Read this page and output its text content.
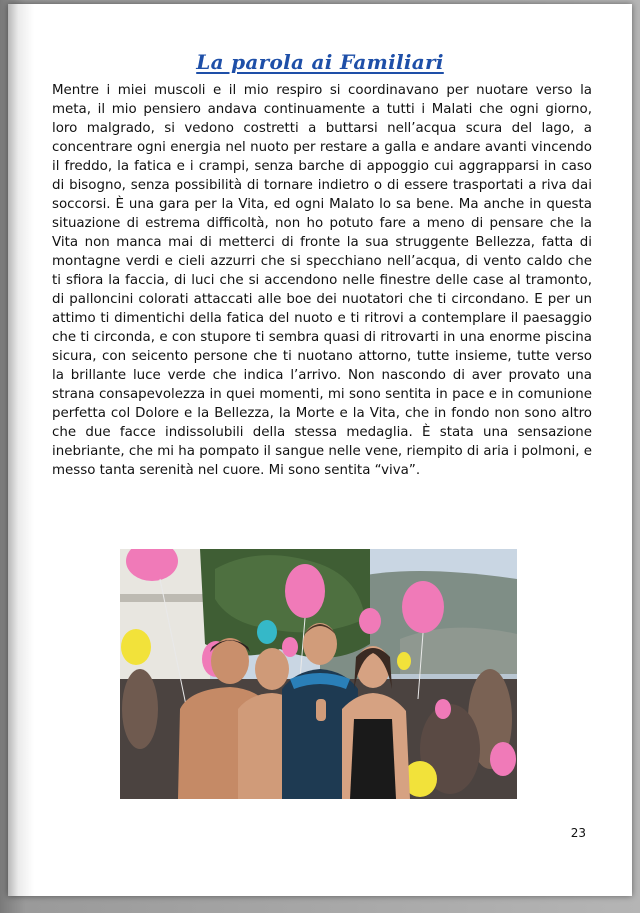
La parola ai Familiari

Mentre i miei muscoli e il mio respiro si coordinavano per nuotare verso la meta, il mio pensiero andava continuamente a tutti i Malati che ogni giorno, loro malgrado, si vedono costretti a buttarsi nell’acqua scura del lago, a concentrare ogni energia nel nuoto per restare a galla e andare avanti vincendo il freddo, la fatica e i crampi, senza barche di appoggio cui aggrapparsi in caso di bisogno, senza possibilità di tornare indietro o di essere trasportati a riva dai soccorsi. È una gara per la Vita, ed ogni Malato lo sa bene. Ma anche in questa situazione di estrema difficoltà, non ho potuto fare a meno di pensare che la Vita non manca mai di metterci di fronte la sua struggente Bellezza, fatta di montagne verdi e cieli azzurri che si specchiano nell’acqua, di vento caldo che ti sfiora la faccia, di luci che si accendono nelle finestre delle case al tramonto, di palloncini colorati attaccati alle boe dei nuotatori che ti circondano. E per un attimo ti dimentichi della fatica del nuoto e ti ritrovi a contemplare il paesaggio che ti circonda, e con stupore ti sembra quasi di ritrovarti in una enorme piscina sicura, con seicento persone che ti nuotano attorno, tutte insieme, tutte verso la brillante luce verde che indica l’arrivo. Non nascondo di aver provato una strana consapevolezza in quei momenti, mi sono sentita in pace e in comunione perfetta col Dolore e la Bellezza, la Morte e la Vita, che in fondo non sono altro che due facce indissolubili della stessa medaglia. È stata una sensazione inebriante, che mi ha pompato il sangue nelle vene, riempito di aria i polmoni, e messo tanta serenità nel cuore. Mi sono sentita “viva”.

23
